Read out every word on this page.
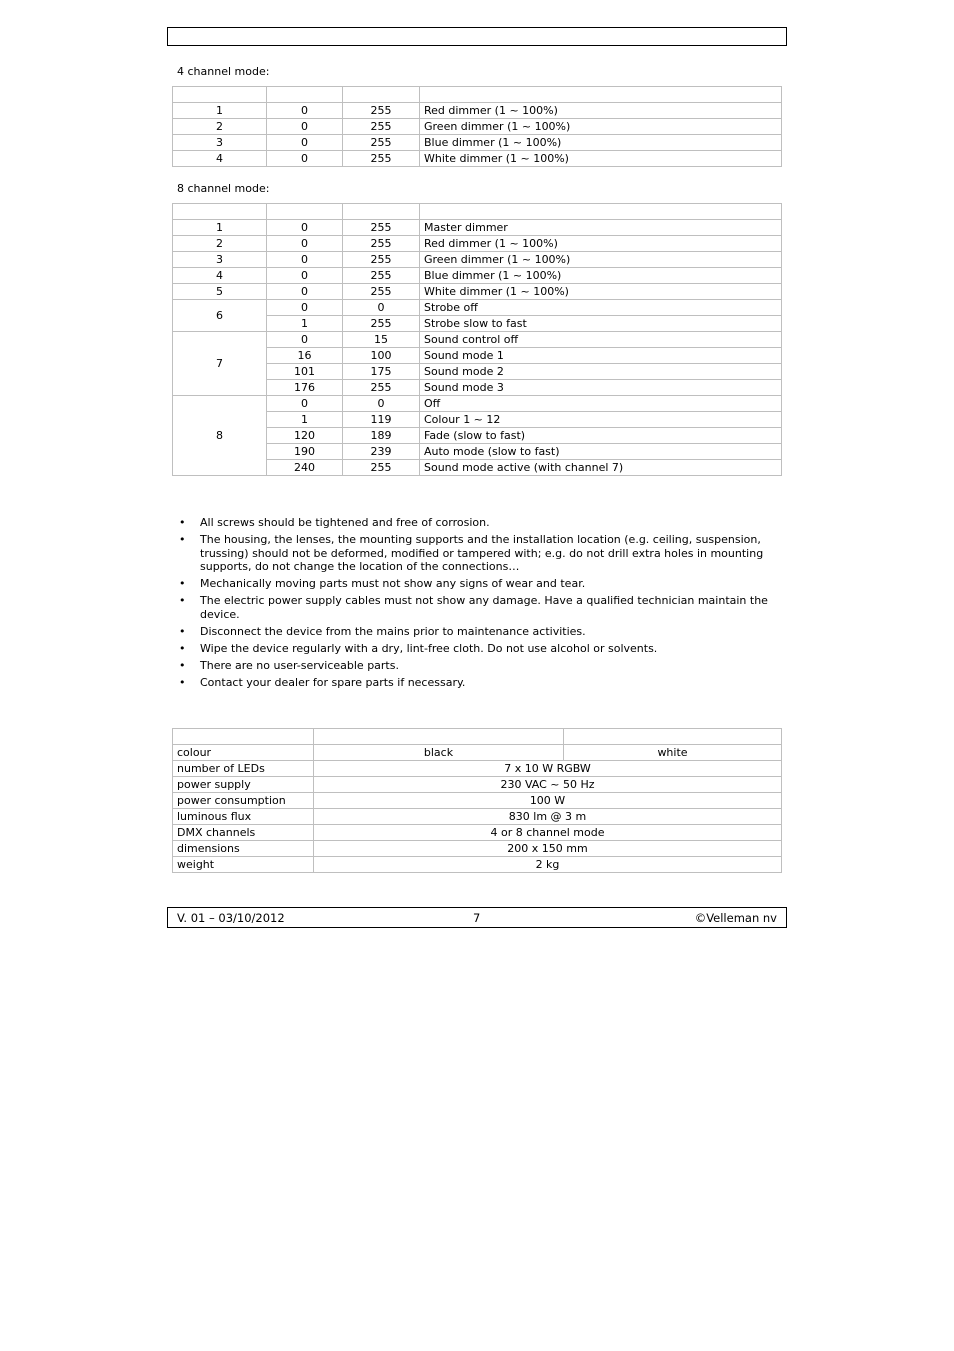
4 channel mode:

1	0	255	Red dimmer (1 ~ 100%)
2	0	255	Green dimmer (1 ~ 100%)
3	0	255	Blue dimmer (1 ~ 100%)
4	0	255	White dimmer (1 ~ 100%)
8 channel mode:

1	0	255	Master dimmer
2	0	255	Red dimmer (1 ~ 100%)
3	0	255	Green dimmer (1 ~ 100%)
4	0	255	Blue dimmer (1 ~ 100%)
5	0	255	White dimmer (1 ~ 100%)
6	0	0	Strobe off
	1	255	Strobe slow to fast
7	0	15	Sound control off
	16	100	Sound mode 1
	101	175	Sound mode 2
	176	255	Sound mode 3
8	0	0	Off
	1	119	Colour 1 ~ 12
	120	189	Fade (slow to fast)
	190	239	Auto mode (slow to fast)
	240	255	Sound mode active (with channel 7)
• All screws should be tightened and free of corrosion.
• The housing, the lenses, the mounting supports and the installation location (e.g. ceiling, suspension, trussing) should not be deformed, modified or tampered with; e.g. do not drill extra holes in mounting supports, do not change the location of the connections…
• Mechanically moving parts must not show any signs of wear and tear.
• The electric power supply cables must not show any damage. Have a qualified technician maintain the device.
• Disconnect the device from the mains prior to maintenance activities.
• Wipe the device regularly with a dry, lint-free cloth. Do not use alcohol or solvents.
• There are no user-serviceable parts.
• Contact your dealer for spare parts if necessary.

colour	black	white
number of LEDs	7 x 10 W RGBW	
power supply	230 VAC ~ 50 Hz	
power consumption	100 W	
luminous flux	830 lm @ 3 m	
DMX channels	4 or 8 channel mode	
dimensions	200 x 150 mm	
weight	2 kg	
V. 01 – 03/10/2012	7	©Velleman nv
